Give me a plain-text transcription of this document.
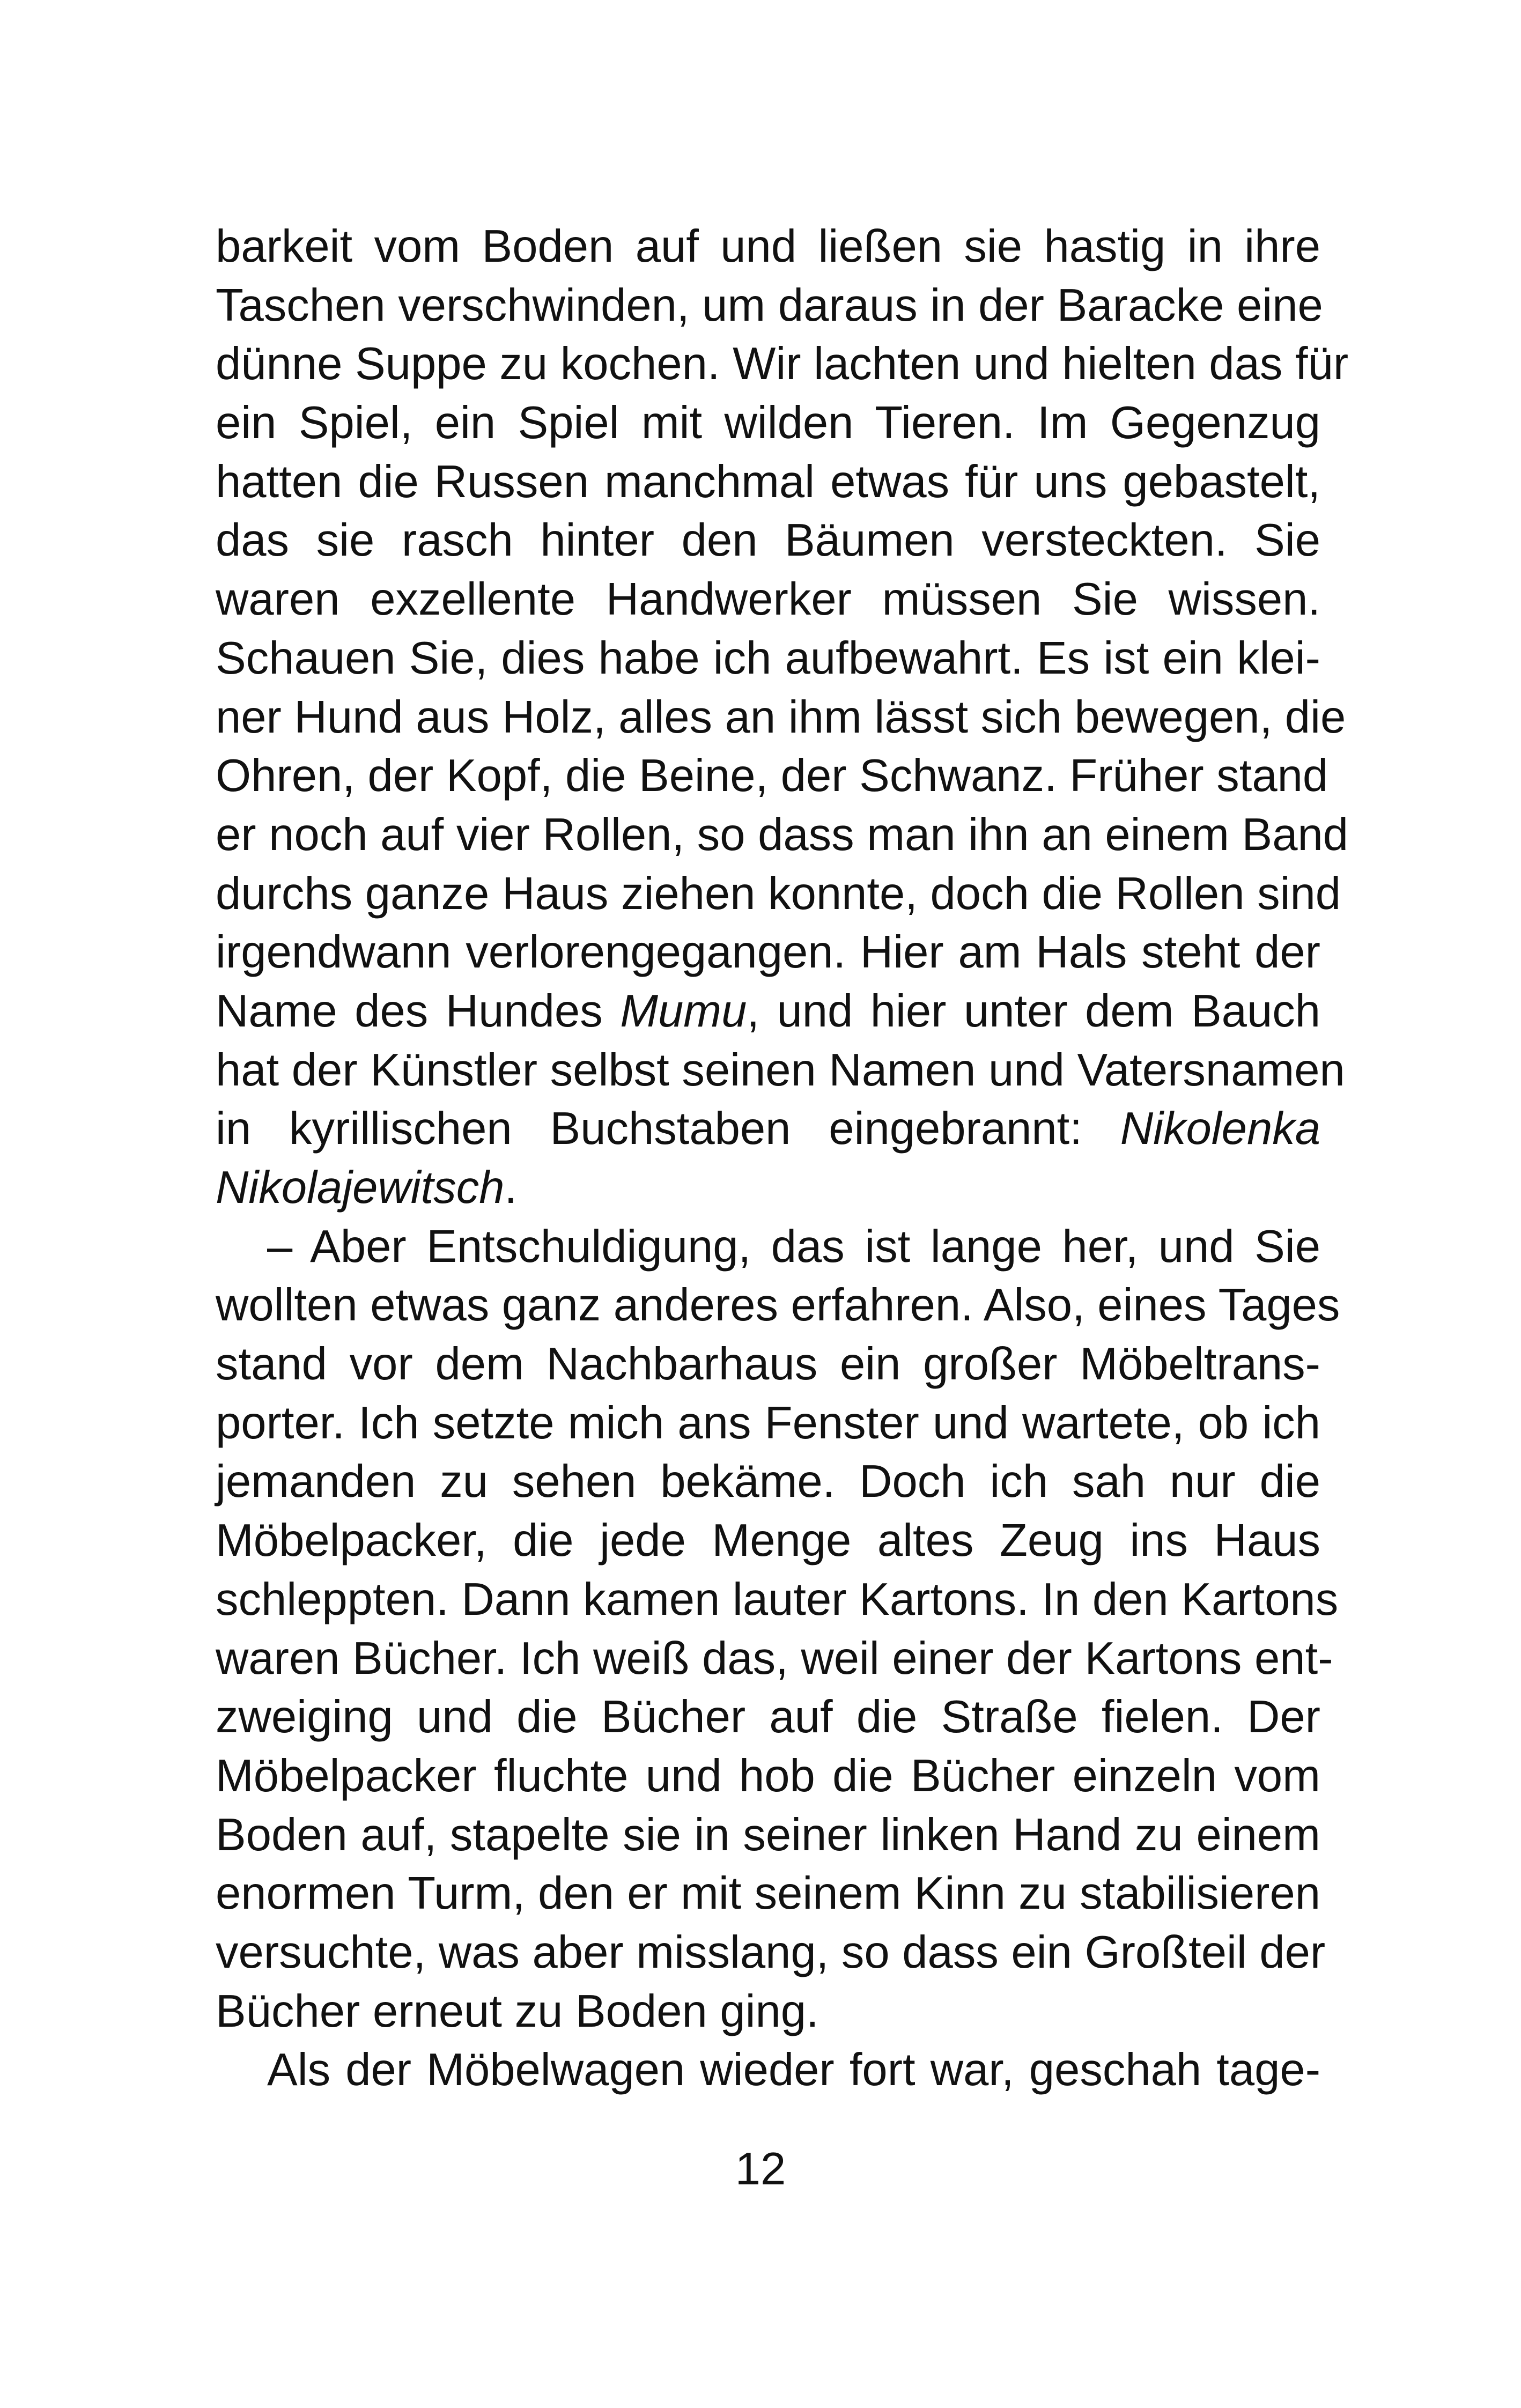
barkeit vom Boden auf und ließen sie hastig in ihre
Taschen verschwinden, um daraus in der Baracke eine
dünne Suppe zu kochen. Wir lachten und hielten das für
ein Spiel, ein Spiel mit wilden Tieren. Im Gegenzug
hatten die Russen manchmal etwas für uns gebastelt,
das sie rasch hinter den Bäumen versteckten. Sie
waren exzellente Handwerker müssen Sie wissen.
Schauen Sie, dies habe ich aufbewahrt. Es ist ein klei-
ner Hund aus Holz, alles an ihm lässt sich bewegen, die
Ohren, der Kopf, die Beine, der Schwanz. Früher stand
er noch auf vier Rollen, so dass man ihn an einem Band
durchs ganze Haus ziehen konnte, doch die Rollen sind
irgendwann verlorengegangen. Hier am Hals steht der
Name des Hundes Mumu, und hier unter dem Bauch
hat der Künstler selbst seinen Namen und Vatersnamen
in kyrillischen Buchstaben eingebrannt: Nikolenka
Nikolajewitsch.
– Aber Entschuldigung, das ist lange her, und Sie
wollten etwas ganz anderes erfahren. Also, eines Tages
stand vor dem Nachbarhaus ein großer Möbeltrans-
porter. Ich setzte mich ans Fenster und wartete, ob ich
jemanden zu sehen bekäme. Doch ich sah nur die
Möbelpacker, die jede Menge altes Zeug ins Haus
schleppten. Dann kamen lauter Kartons. In den Kartons
waren Bücher. Ich weiß das, weil einer der Kartons ent-
zweiging und die Bücher auf die Straße fielen. Der
Möbelpacker fluchte und hob die Bücher einzeln vom
Boden auf, stapelte sie in seiner linken Hand zu einem
enormen Turm, den er mit seinem Kinn zu stabilisieren
versuchte, was aber misslang, so dass ein Großteil der
Bücher erneut zu Boden ging.
Als der Möbelwagen wieder fort war, geschah tage-
12
